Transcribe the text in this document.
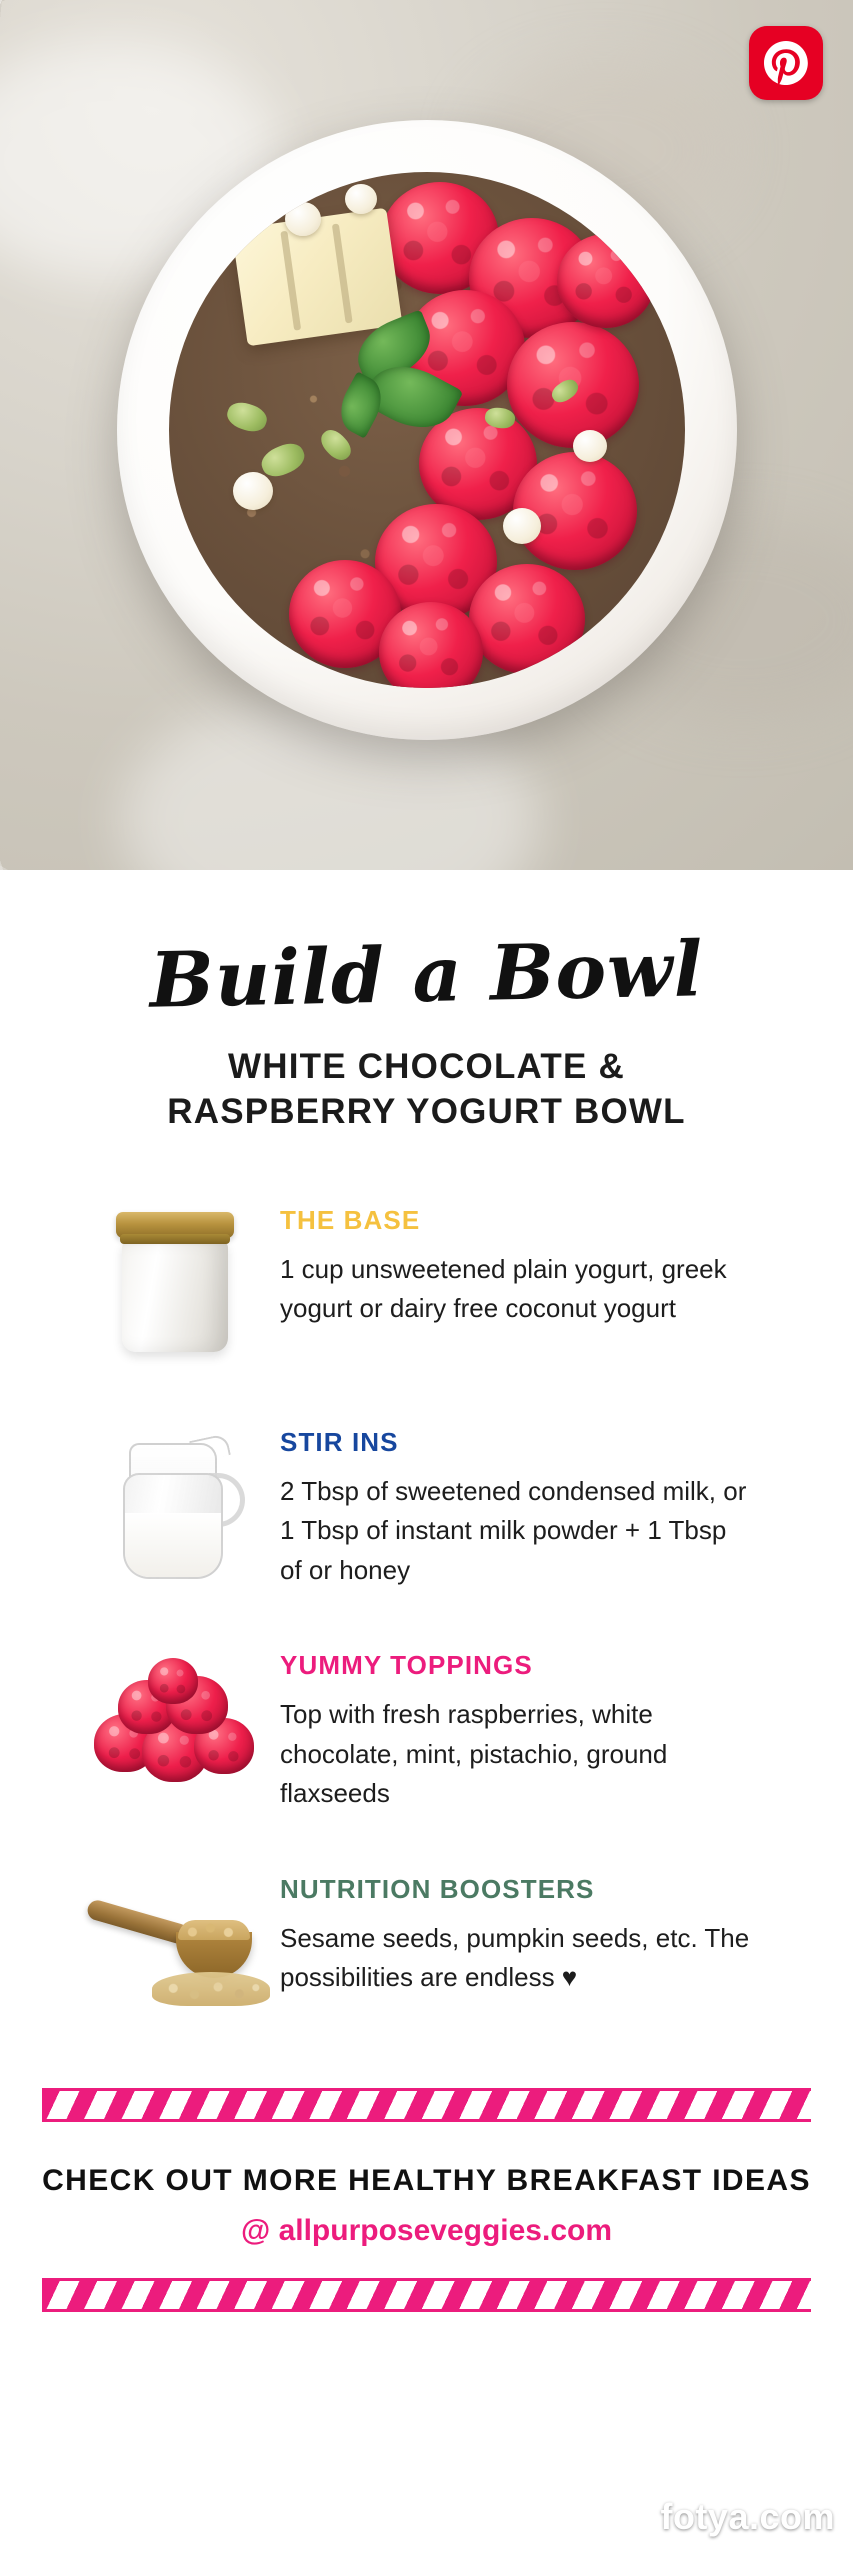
Build a Bowl
WHITE CHOCOLATE & RASPBERRY YOGURT BOWL
THE BASE
1 cup unsweetened plain yogurt, greek yogurt or dairy free coconut yogurt
STIR INS
2 Tbsp of sweetened condensed milk, or 1 Tbsp of instant milk powder + 1 Tbsp of or honey
YUMMY TOPPINGS
Top with fresh raspberries, white chocolate, mint, pistachio, ground flaxseeds
NUTRITION BOOSTERS
Sesame seeds, pumpkin seeds, etc. The possibilities are endless ♥
CHECK OUT MORE HEALTHY BREAKFAST IDEAS
@ allpurposeveggies.com
fotya.com
